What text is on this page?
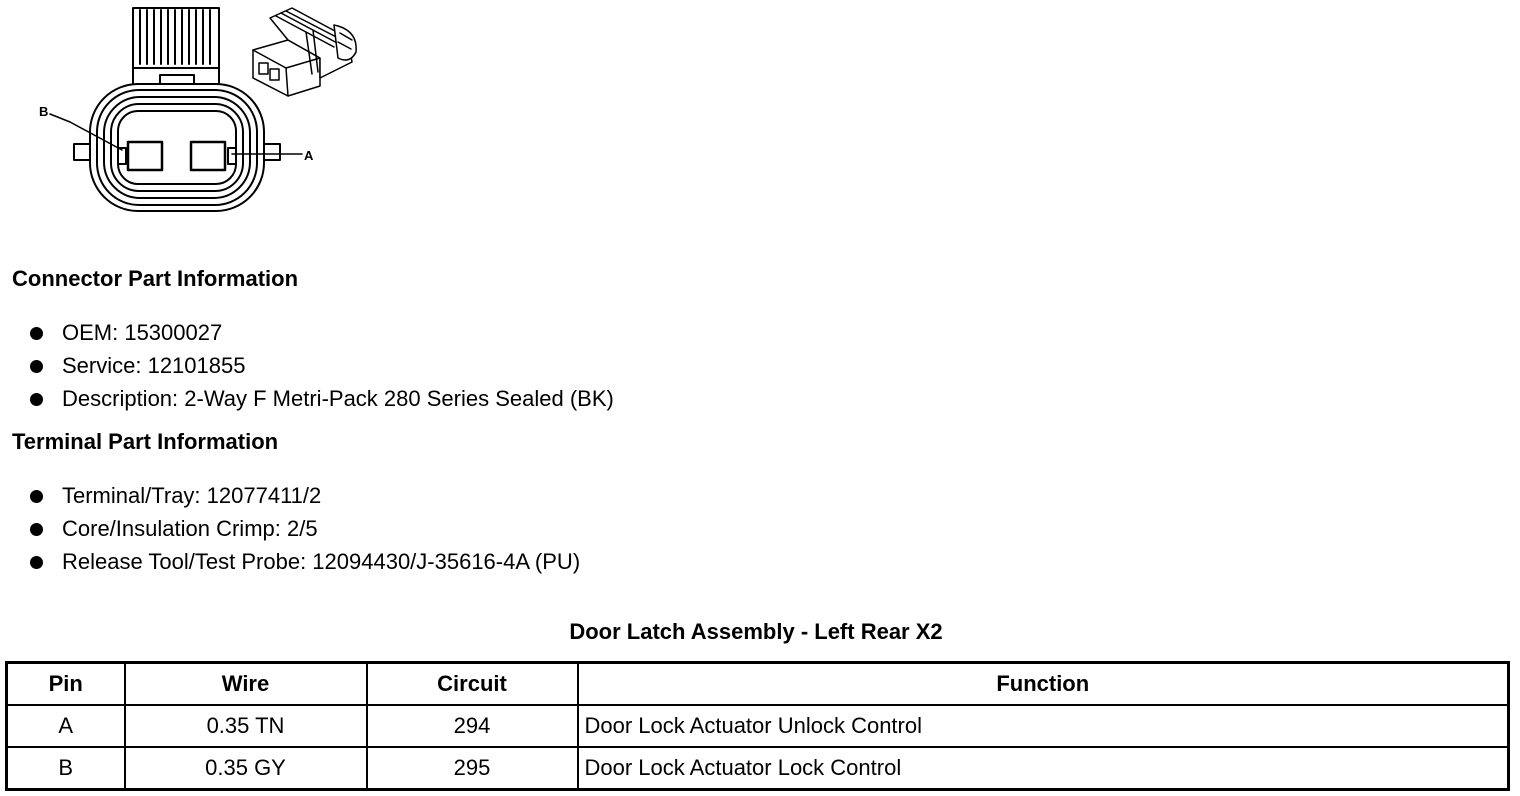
B
A
Connector Part Information
OEM: 15300027
Service: 12101855
Description: 2-Way F Metri-Pack 280 Series Sealed (BK)
Terminal Part Information
Terminal/Tray: 12077411/2
Core/Insulation Crimp: 2/5
Release Tool/Test Probe: 12094430/J-35616-4A (PU)
Door Latch Assembly - Left Rear X2
Pin	Wire	Circuit	Function
A	0.35 TN	294	Door Lock Actuator Unlock Control
B	0.35 GY	295	Door Lock Actuator Lock Control
